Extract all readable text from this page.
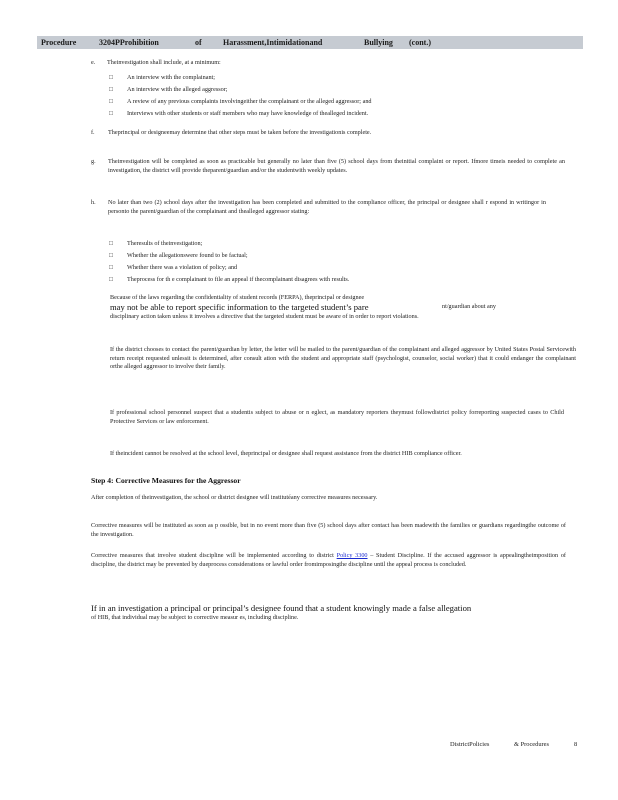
Procedure	3204PProhibition	of	Harassment,Intimidationand	Bullying (cont.)
e. Theinvestigation shall include, at a minimum:

□ An interview with the complainant;

□ An interview with the alleged aggressor;

□ A review of any previous complaints involvingeither the complainant or the alleged aggressor; and

□ Interviews with other students or staff members who may have knowledge of thealleged incident.

f. Theprincipal or designeemay determine that other steps must be taken before the investigationis complete.

g. Theinvestigation will be completed as soon as practicable but generally no later than five (5) school days from theinitial complaint or report. Ifmore timeis needed to complete an investigation, the district will provide theparent/guardian and/or the studentwith weekly updates.

h. No later than two (2) school days after the investigation has been completed and submitted to the compliance officer, the principal or designee shall r espond in writingor in personto the parent/guardian of the complainant and thealleged aggressor stating:

□ Theresults of theinvestigation;

□ Whether the allegationswere found to be factual;

□ Whether there was a violation of policy; and

□ Theprocess for th e complainant to file an appeal if thecomplainant disagrees with results.

Because of the laws regarding the confidentiality of student records (FERPA), theprincipal or designee

may not be able to report specific information to the targeted student’s pare	nt/guardian about any

disciplinary action taken unless it involves a directive that the targeted student must be aware of in order to report violations.

If the district chooses to contact the parent/guardian by letter, the letter will be mailed to the parent/guardian of the complainant and alleged aggressor by United States Postal Servicewith return receipt requested unlessit is determined, after consult ation with the student and appropriate staff (psychologist, counselor, social worker) that it could endanger the complainant orthe alleged aggressor to involve their family.

If professional school personnel suspect that a studentis subject to abuse or n eglect, as mandatory reporters theymust followdistrict policy forreporting suspected cases to Child Protective Services or law enforcement.

If theincident cannot be resolved at the school level, theprincipal or designee shall request assistance from the district HIB compliance officer.

Step 4: Corrective Measures for the Aggressor

After completion of theinvestigation, the school or district designee will institutéany corrective measures necessary.

Corrective measures will be instituted as soon as p ossible, but in no event more than five (5) school days after contact has been madewith the families or guardians regardingthe outcome of the investigation.

Corrective measures that involve student discipline will be implemented according to district Policy 3300 – Student Discipline. If the accused aggressor is appealingtheimposition of discipline, the district may be prevented by dueprocess considerations or lawful order fromimposingthe discipline until the appeal process is concluded.

If in an investigation a principal or principal’s designee found that a student knowingly made a false allegation

of HIB, that individual may be subject to corrective measur es, including discipline.

DistrictPolicies	& Procedures	8
